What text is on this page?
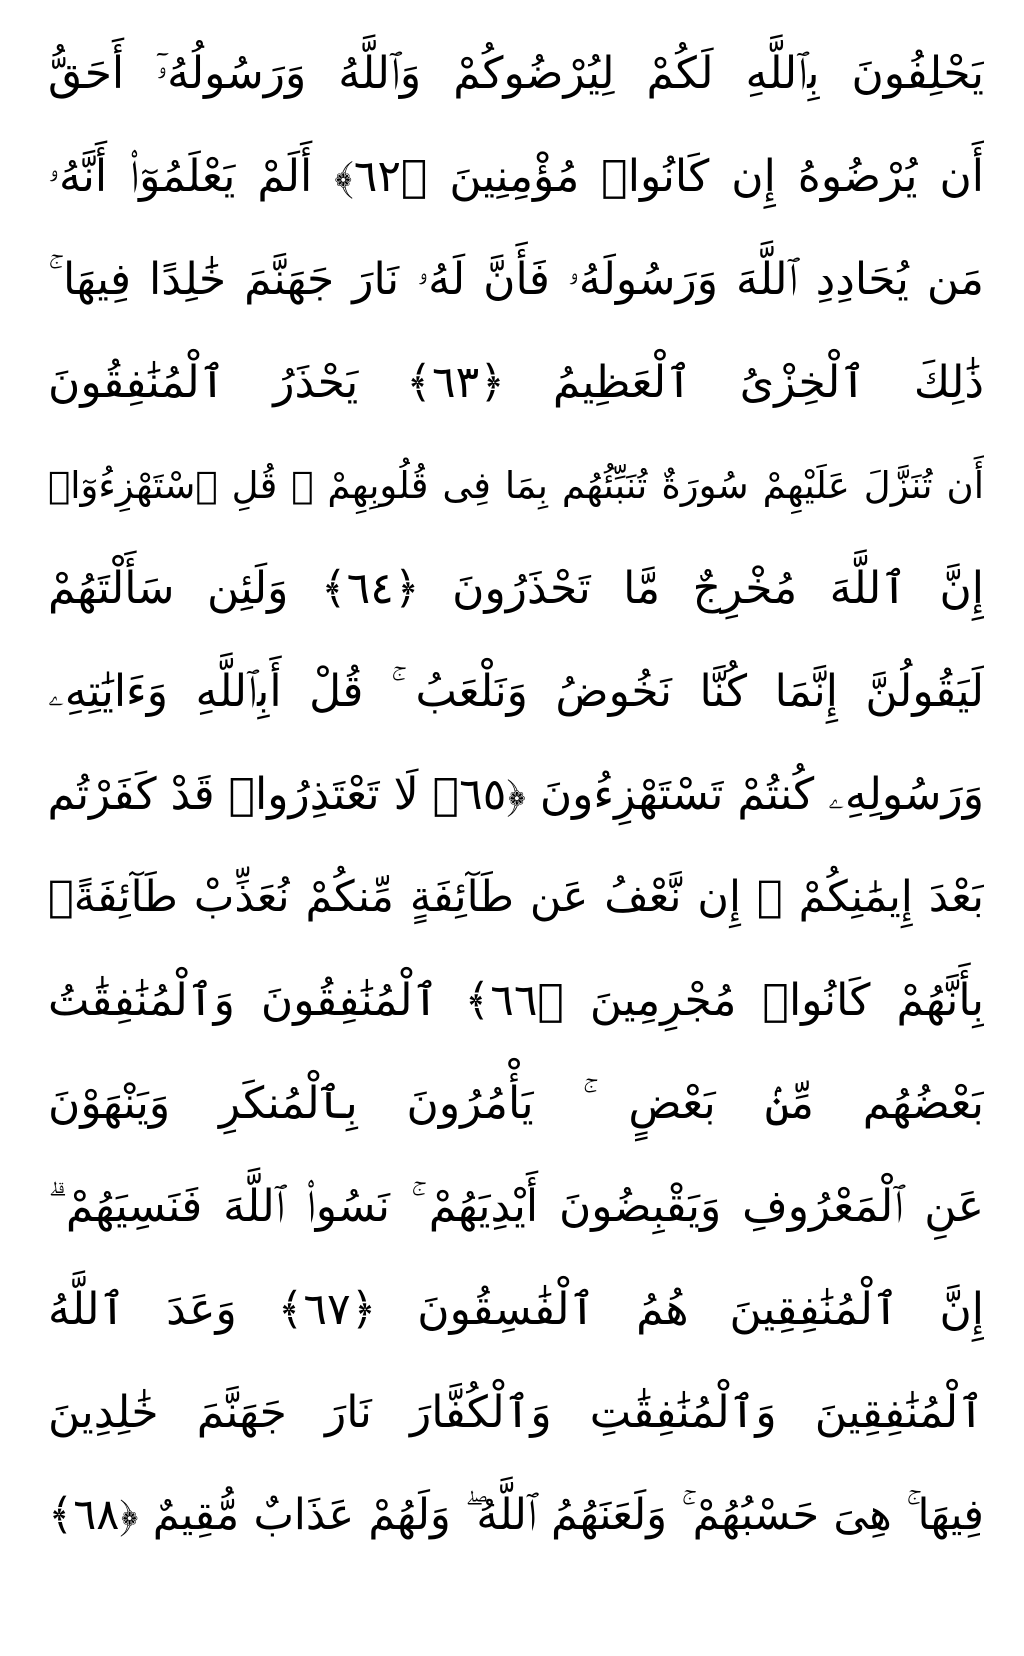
يَحْلِفُونَ بِٱللَّهِ لَكُمْ لِيُرْضُوكُمْ وَٱللَّهُ وَرَسُولُهُۥٓ أَحَقُّ
أَن يُرْضُوهُ إِن كَانُوا۟ مُؤْمِنِينَ ﴿٦٢﴾ أَلَمْ يَعْلَمُوٓا۟ أَنَّهُۥ
مَن يُحَادِدِ ٱللَّهَ وَرَسُولَهُۥ فَأَنَّ لَهُۥ نَارَ جَهَنَّمَ خَٰلِدًا فِيهَا ۚ
ذَٰلِكَ ٱلْخِزْىُ ٱلْعَظِيمُ ﴿٦٣﴾ يَحْذَرُ ٱلْمُنَٰفِقُونَ
أَن تُنَزَّلَ عَلَيْهِمْ سُورَةٌ تُنَبِّئُهُم بِمَا فِى قُلُوبِهِمْ ۚ قُلِ ٱسْتَهْزِءُوٓا۟
إِنَّ ٱللَّهَ مُخْرِجٌ مَّا تَحْذَرُونَ ﴿٦٤﴾ وَلَئِن سَأَلْتَهُمْ
لَيَقُولُنَّ إِنَّمَا كُنَّا نَخُوضُ وَنَلْعَبُ ۚ قُلْ أَبِٱللَّهِ وَءَايَٰتِهِۦ
وَرَسُولِهِۦ كُنتُمْ تَسْتَهْزِءُونَ ﴿٦٥﴾ لَا تَعْتَذِرُوا۟ قَدْ كَفَرْتُم
بَعْدَ إِيمَٰنِكُمْ ۚ إِن نَّعْفُ عَن طَآئِفَةٍ مِّنكُمْ نُعَذِّبْ طَآئِفَةًۢ
بِأَنَّهُمْ كَانُوا۟ مُجْرِمِينَ ﴿٦٦﴾ ٱلْمُنَٰفِقُونَ وَٱلْمُنَٰفِقَٰتُ
بَعْضُهُم مِّنۢ بَعْضٍ ۚ يَأْمُرُونَ بِٱلْمُنكَرِ وَيَنْهَوْنَ
عَنِ ٱلْمَعْرُوفِ وَيَقْبِضُونَ أَيْدِيَهُمْ ۚ نَسُوا۟ ٱللَّهَ فَنَسِيَهُمْ ۗ
إِنَّ ٱلْمُنَٰفِقِينَ هُمُ ٱلْفَٰسِقُونَ ﴿٦٧﴾ وَعَدَ ٱللَّهُ
ٱلْمُنَٰفِقِينَ وَٱلْمُنَٰفِقَٰتِ وَٱلْكُفَّارَ نَارَ جَهَنَّمَ خَٰلِدِينَ
فِيهَا ۚ هِىَ حَسْبُهُمْ ۚ وَلَعَنَهُمُ ٱللَّهُ ۖ وَلَهُمْ عَذَابٌ مُّقِيمٌ ﴿٦٨﴾
